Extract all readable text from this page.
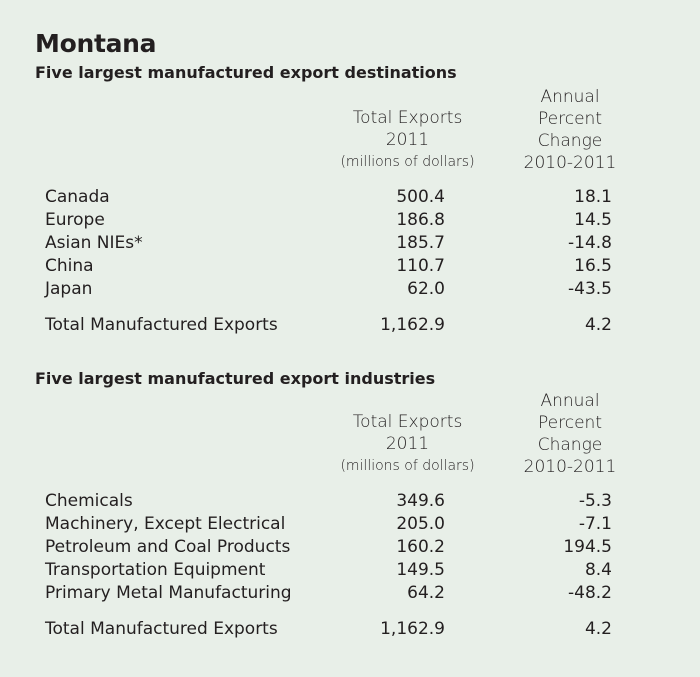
Montana
Five largest manufactured export destinations
Total Exports
2011
(millions of dollars)
Annual
Percent
Change
2010-2011
Canada	500.4	18.1
Europe	186.8	14.5
Asian NIEs*	185.7	-14.8
China	110.7	16.5
Japan	62.0	-43.5
Total Manufactured Exports	1,162.9	4.2
Five largest manufactured export industries
Total Exports
2011
(millions of dollars)
Annual
Percent
Change
2010-2011
Chemicals	349.6	-5.3
Machinery, Except Electrical	205.0	-7.1
Petroleum and Coal Products	160.2	194.5
Transportation Equipment	149.5	8.4
Primary Metal Manufacturing	64.2	-48.2
Total Manufactured Exports	1,162.9	4.2
